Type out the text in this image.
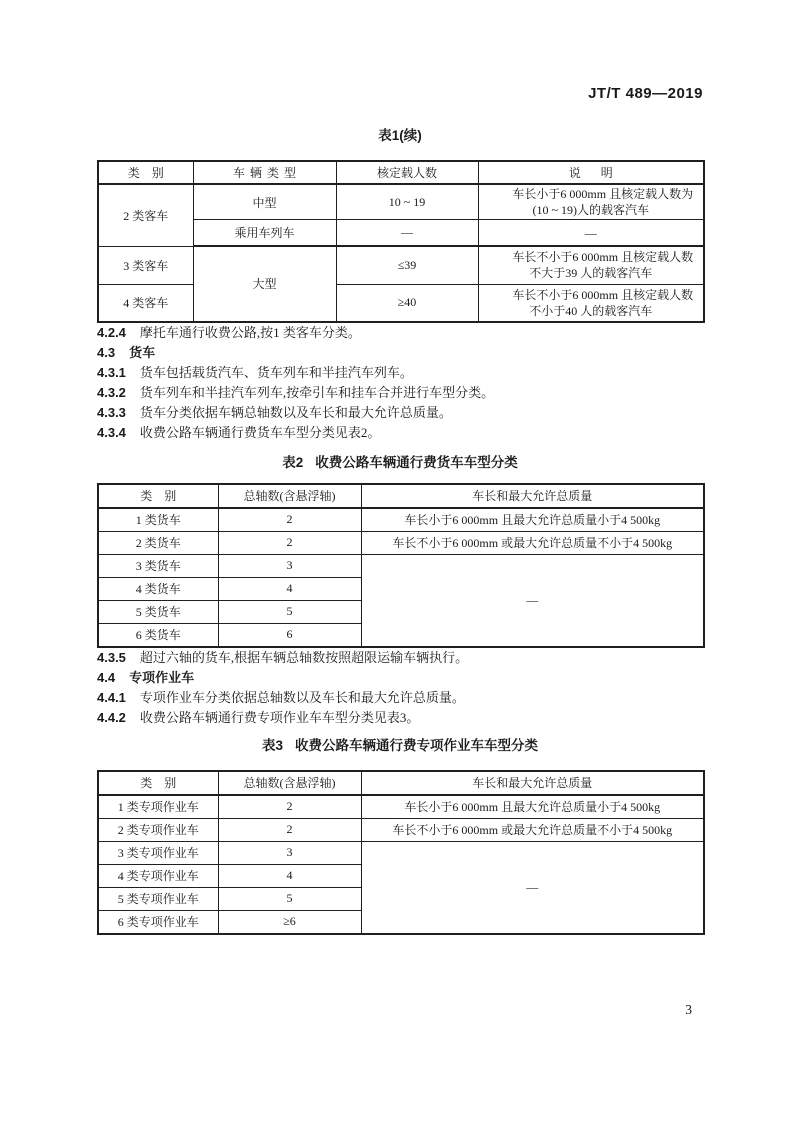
JT/T 489—2019
表1(续)
类别	车辆类型	核定载人数	说明
2 类客车	中型	10 ~ 19	车长小于6 000mm 且核定载人数为(10 ~ 19)人的载客汽车
	乘用车列车	—	—
3 类客车	大型	≤39	车长不小于6 000mm 且核定载人数不大于39 人的载客汽车
4 类客车		≥40	车长不小于6 000mm 且核定载人数不小于40 人的载客汽车

4.2.4 摩托车通行收费公路,按1 类客车分类。

4.3 货车

4.3.1 货车包括载货汽车、货车列车和半挂汽车列车。

4.3.2 货车列车和半挂汽车列车,按牵引车和挂车合并进行车型分类。

4.3.3 货车分类依据车辆总轴数以及车长和最大允许总质量。

4.3.4 收费公路车辆通行费货车车型分类见表2。

表2 收费公路车辆通行费货车车型分类
类别	总轴数(含悬浮轴)	车长和最大允许总质量
1 类货车	2	车长小于6 000mm 且最大允许总质量小于4 500kg
2 类货车	2	车长不小于6 000mm 或最大允许总质量不小于4 500kg
3 类货车	3	—
4 类货车	4	
5 类货车	5	
6 类货车	6	

4.3.5 超过六轴的货车,根据车辆总轴数按照超限运输车辆执行。

4.4 专项作业车

4.4.1 专项作业车分类依据总轴数以及车长和最大允许总质量。

4.4.2 收费公路车辆通行费专项作业车车型分类见表3。

表3 收费公路车辆通行费专项作业车车型分类
类别	总轴数(含悬浮轴)	车长和最大允许总质量
1 类专项作业车	2	车长小于6 000mm 且最大允许总质量小于4 500kg
2 类专项作业车	2	车长不小于6 000mm 或最大允许总质量不小于4 500kg
3 类专项作业车	3	—
4 类专项作业车	4	
5 类专项作业车	5	
6 类专项作业车	≥6	
3
